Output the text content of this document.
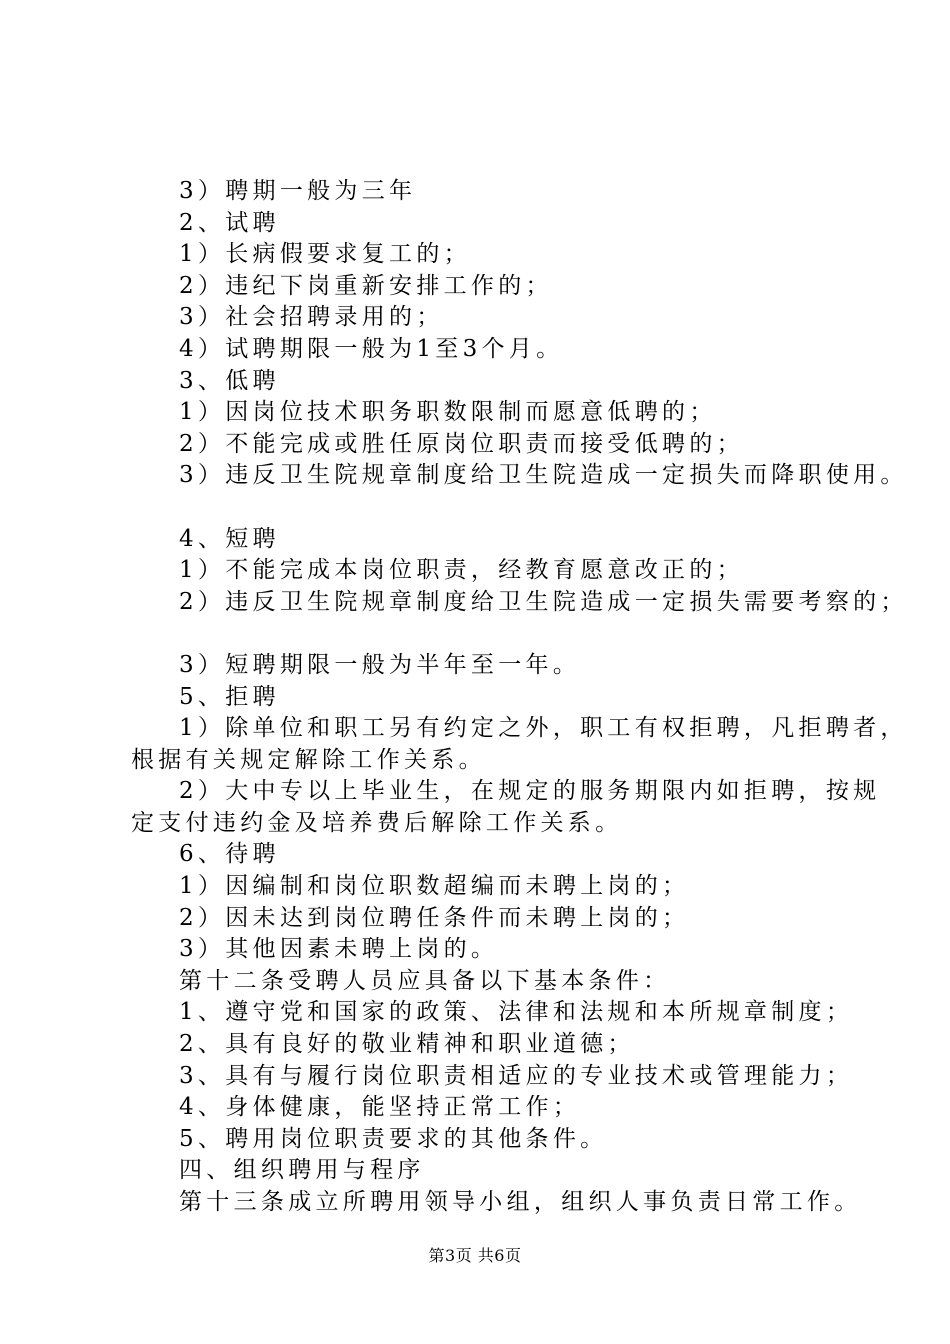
3）聘期一般为三年
2、试聘
1）长病假要求复工的；
2）违纪下岗重新安排工作的；
3）社会招聘录用的；
4）试聘期限一般为1至3个月。
3、低聘
1）因岗位技术职务职数限制而愿意低聘的；
2）不能完成或胜任原岗位职责而接受低聘的；
3）违反卫生院规章制度给卫生院造成一定损失而降职使用。
4、短聘
1）不能完成本岗位职责，经教育愿意改正的；
2）违反卫生院规章制度给卫生院造成一定损失需要考察的；
3）短聘期限一般为半年至一年。
5、拒聘
1）除单位和职工另有约定之外，职工有权拒聘，凡拒聘者，
根据有关规定解除工作关系。
2）大中专以上毕业生，在规定的服务期限内如拒聘，按规
定支付违约金及培养费后解除工作关系。
6、待聘
1）因编制和岗位职数超编而未聘上岗的；
2）因未达到岗位聘任条件而未聘上岗的；
3）其他因素未聘上岗的。
第十二条受聘人员应具备以下基本条件：
1、遵守党和国家的政策、法律和法规和本所规章制度；
2、具有良好的敬业精神和职业道德；
3、具有与履行岗位职责相适应的专业技术或管理能力；
4、身体健康，能坚持正常工作；
5、聘用岗位职责要求的其他条件。
四、组织聘用与程序
第十三条成立所聘用领导小组，组织人事负责日常工作。
第3页 共6页
